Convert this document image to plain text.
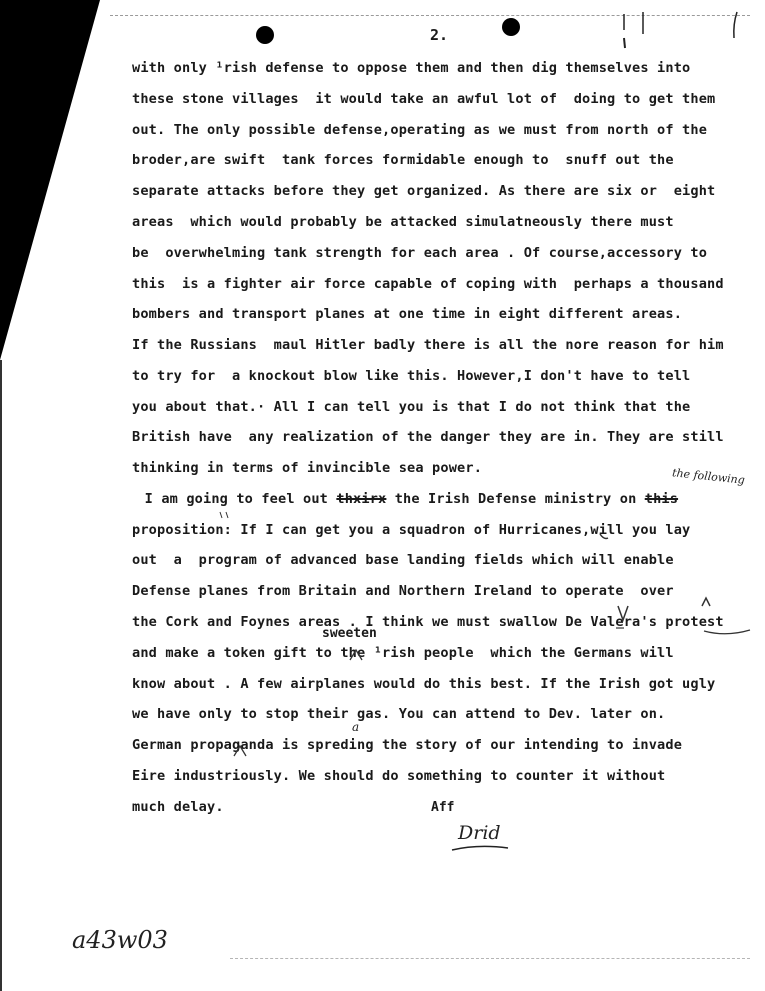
2.

with only ¹rish defense to oppose them and then dig themselves into

these stone villages  it would take an awful lot of  doing to get them

out. The only possible defense,operating as we must from north of the

broder,are swift  tank forces formidable enough to  snuff out the

separate attacks before they get organized. As there are six or  eight

areas  which would probably be attacked simulatneously there must

be  overwhelming tank strength for each area . Of course,accessory to

this  is a fighter air force capable of coping with  perhaps a thousand

bombers and transport planes at one time in eight different areas.

If the Russians  maul Hitler badly there is all the nore reason for him

to try for  a knockout blow like this. However,I don't have to tell

you about that.· All I can tell you is that I do not think that the

British have  any realization of the danger they are in. They are still

thinking in terms of invincible sea power.

I am going to feel out thxirx the Irish Defense ministry on this

the following

proposition: If I can get you a squadron of Hurricanes,will you lay

out  a  program of advanced base landing fields which will enable

Defense planes from Britain and Northern Ireland to operate  over

the Cork and Foynes areas . I think we must swallow De Valera's protest

sweeten

and make a token gift to the ¹rish people  which the Germans will

know about . A few airplanes would do this best. If the Irish got ugly

we have only to stop their gas. You can attend to Dev. later on.

a

German propaganda is spreding the story of our intending to invade

Eire industriously. We should do something to counter it without

much delay.	Aff
Drid
a43w03
